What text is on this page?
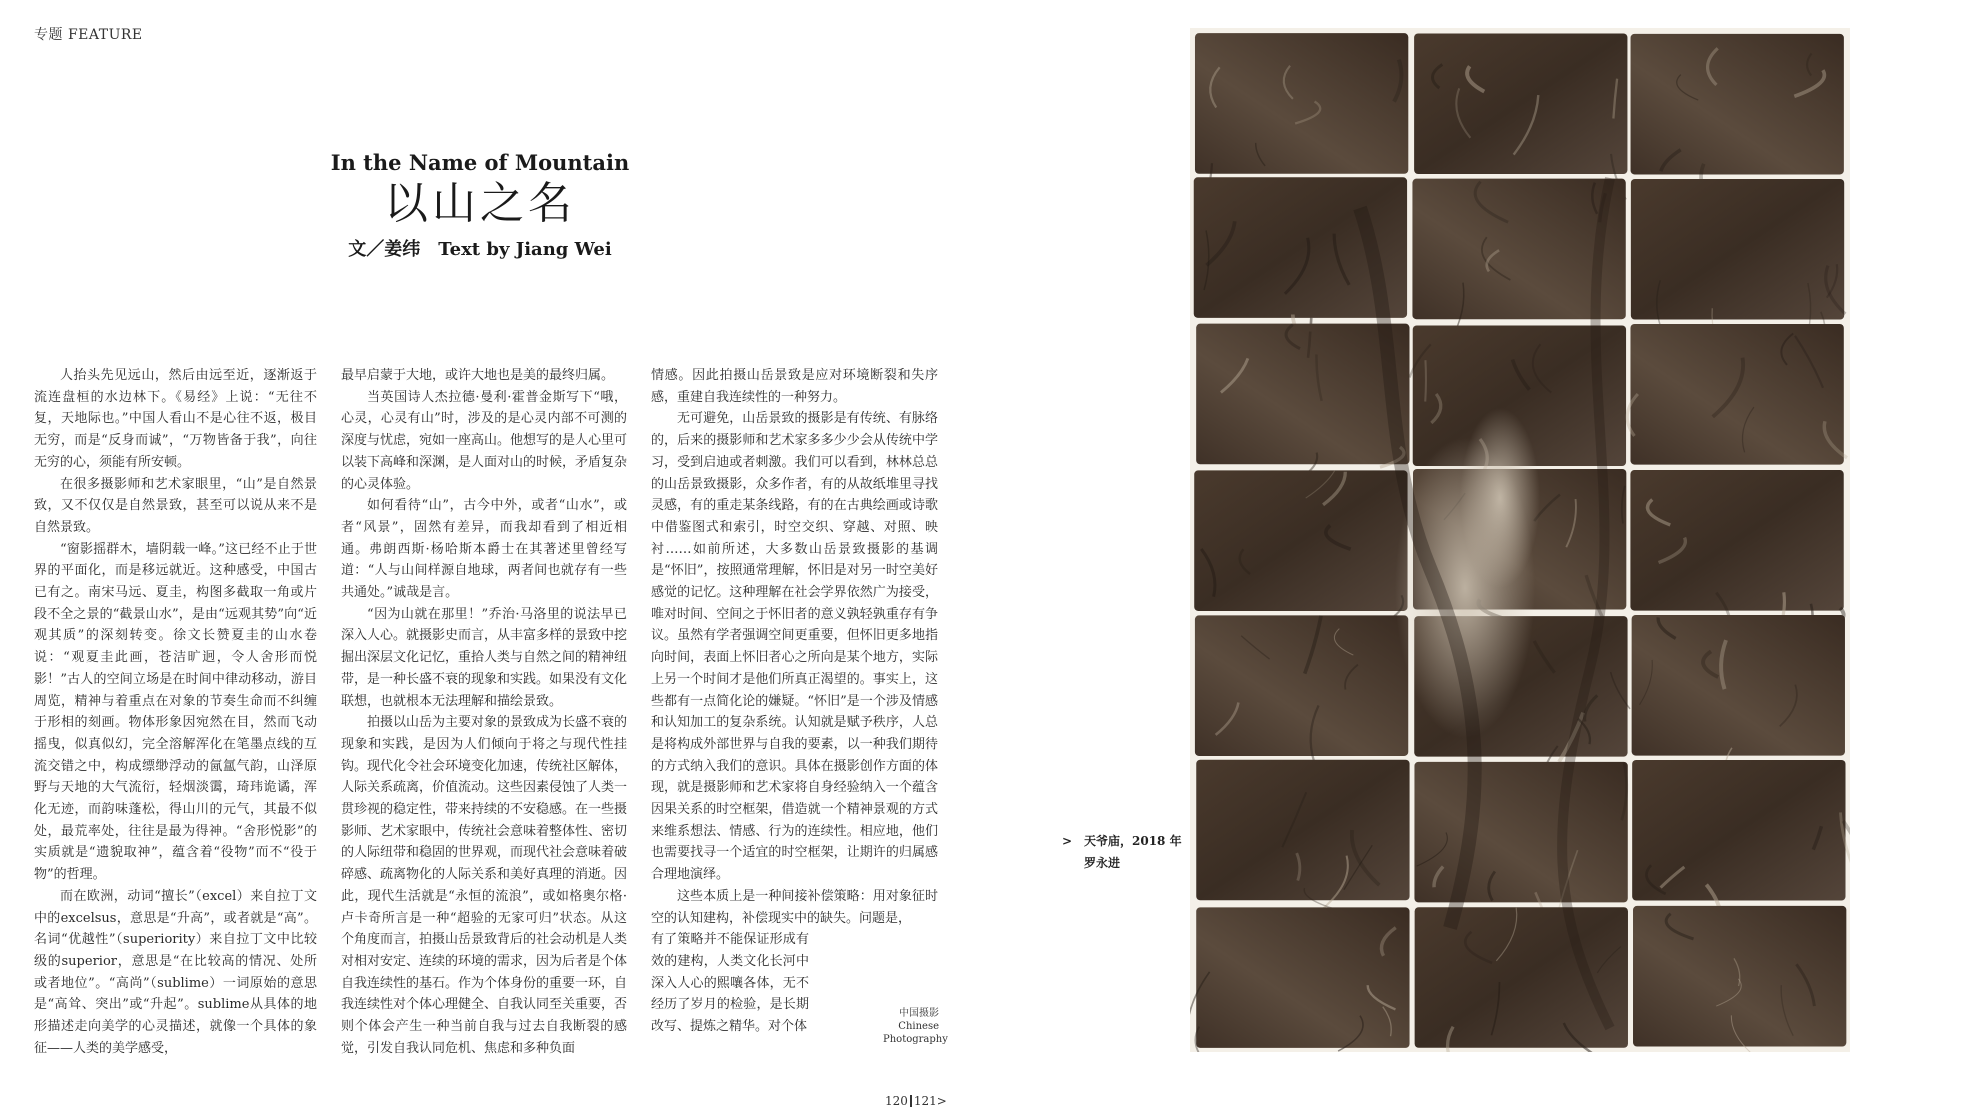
专题 FEATURE
In the Name of Mountain
以山之名
文／姜纬　Text by Jiang Wei

人抬头先见远山，然后由远至近，逐渐返于流连盘桓的水边林下。《易经》上说：“无往不复，天地际也。”中国人看山不是心往不返，极目无穷，而是“反身而诚”，“万物皆备于我”，向往无穷的心，须能有所安顿。

在很多摄影师和艺术家眼里，“山”是自然景致，又不仅仅是自然景致，甚至可以说从来不是自然景致。

“窗影摇群木，墙阴载一峰。”这已经不止于世界的平面化，而是移远就近。这种感受，中国古已有之。南宋马远、夏圭，构图多截取一角或片段不全之景的“截景山水”，是由“远观其势”向“近观其质”的深刻转变。徐文长赞夏圭的山水卷说：“观夏圭此画，苍洁旷迥，令人舍形而悦影！”古人的空间立场是在时间中律动移动，游目周览，精神与着重点在对象的节奏生命而不纠缠于形相的刻画。物体形象因宛然在目，然而飞动摇曳，似真似幻，完全溶解浑化在笔墨点线的互流交错之中，构成缥缈浮动的氤氲气韵，山泽原野与天地的大气流衍，轻烟淡霭，琦玮诡谲，浑化无迹，而韵味蓬松，得山川的元气，其最不似处，最荒率处，往往是最为得神。“舍形悦影”的实质就是“遗貌取神”，蕴含着“役物”而不“役于物”的哲理。

而在欧洲，动词“擅长”（excel）来自拉丁文中的excelsus，意思是“升高”，或者就是“高”。名词“优越性”（superiority）来自拉丁文中比较级的superior，意思是“在比较高的情况、处所或者地位”。“高尚”（sublime）一词原始的意思是“高耸、突出”或“升起”。sublime从具体的地形描述走向美学的心灵描述，就像一个具体的象征——人类的美学感受，

最早启蒙于大地，或许大地也是美的最终归属。

当英国诗人杰拉德·曼利·霍普金斯写下“哦，心灵，心灵有山”时，涉及的是心灵内部不可测的深度与忧虑，宛如一座高山。他想写的是人心里可以装下高峰和深渊，是人面对山的时候，矛盾复杂的心灵体验。

如何看待“山”，古今中外，或者“山水”，或者“风景”，固然有差异，而我却看到了相近相通。弗朗西斯·杨哈斯本爵士在其著述里曾经写道：“人与山间样源自地球，两者间也就存有一些共通处。”诚哉是言。

“因为山就在那里！”乔治·马洛里的说法早已深入人心。就摄影史而言，从丰富多样的景致中挖掘出深层文化记忆，重拾人类与自然之间的精神纽带，是一种长盛不衰的现象和实践。如果没有文化联想，也就根本无法理解和描绘景致。

拍摄以山岳为主要对象的景致成为长盛不衰的现象和实践，是因为人们倾向于将之与现代性挂钩。现代化令社会环境变化加速，传统社区解体，人际关系疏离，价值流动。这些因素侵蚀了人类一贯珍视的稳定性，带来持续的不安稳感。在一些摄影师、艺术家眼中，传统社会意味着整体性、密切的人际纽带和稳固的世界观，而现代社会意味着破碎感、疏离物化的人际关系和美好真理的消逝。因此，现代生活就是“永恒的流浪”，或如格奥尔格·卢卡奇所言是一种“超验的无家可归”状态。从这个角度而言，拍摄山岳景致背后的社会动机是人类对相对安定、连续的环境的需求，因为后者是个体自我连续性的基石。作为个体身份的重要一环，自我连续性对个体心理健全、自我认同至关重要，否则个体会产生一种当前自我与过去自我断裂的感觉，引发自我认同危机、焦虑和多种负面

情感。因此拍摄山岳景致是应对环境断裂和失序感，重建自我连续性的一种努力。

无可避免，山岳景致的摄影是有传统、有脉络的，后来的摄影师和艺术家多多少少会从传统中学习，受到启迪或者刺激。我们可以看到，林林总总的山岳景致摄影，众多作者，有的从故纸堆里寻找灵感，有的重走某条线路，有的在古典绘画或诗歌中借鉴图式和索引，时空交织、穿越、对照、映衬……如前所述，大多数山岳景致摄影的基调是“怀旧”，按照通常理解，怀旧是对另一时空美好感觉的记忆。这种理解在社会学界依然广为接受，唯对时间、空间之于怀旧者的意义孰轻孰重存有争议。虽然有学者强调空间更重要，但怀旧更多地指向时间，表面上怀旧者心之所向是某个地方，实际上另一个时间才是他们所真正渴望的。事实上，这些都有一点简化论的嫌疑。“怀旧”是一个涉及情感和认知加工的复杂系统。认知就是赋予秩序，人总是将构成外部世界与自我的要素，以一种我们期待的方式纳入我们的意识。具体在摄影创作方面的体现，就是摄影师和艺术家将自身经验纳入一个蕴含因果关系的时空框架，借造就一个精神景观的方式来维系想法、情感、行为的连续性。相应地，他们也需要找寻一个适宜的时空框架，让期许的归属感合理地演绎。

这些本质上是一种间接补偿策略：用对象征时空的认知建构，补偿现实中的缺失。问题是，

有了策略并不能保证形成有效的建构，人类文化长河中深入人心的熙嚷各体，无不经历了岁月的检验，是长期改写、提炼之精华。对个体

中国摄影
Chinese
Photography
120 121>
> 天爷庙，2018 年
罗永进
